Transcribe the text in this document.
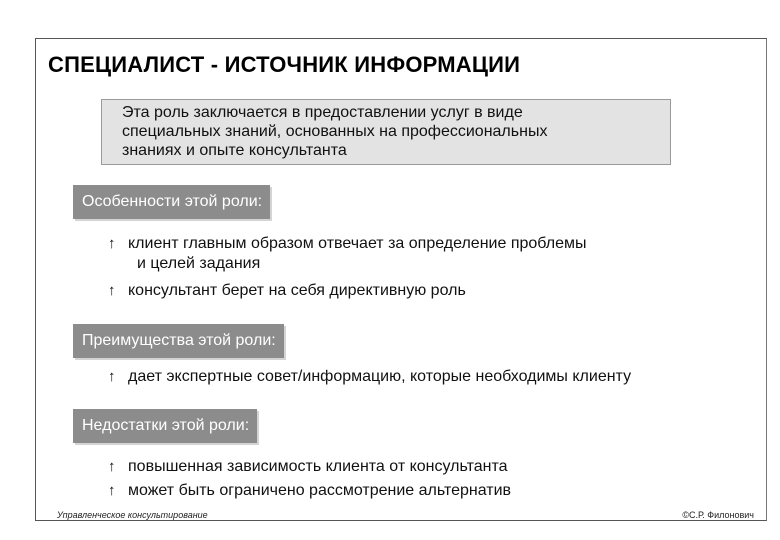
СПЕЦИАЛИСТ - ИСТОЧНИК ИНФОРМАЦИИ
Эта роль заключается в предоставлении услуг в виде
специальных знаний, основанных на профессиональных
знаниях и опыте консультанта
Особенности этой роли:
↑ клиент главным образом отвечает за определение проблемы
и целей задания
↑ консультант берет на себя директивную роль
Преимущества этой роли:
↑ дает экспертные совет/информацию, которые необходимы клиенту
Недостатки этой роли:
↑ повышенная зависимость клиента от консультанта
↑ может быть ограничено рассмотрение альтернатив
Управленческое консультирование	©С.Р. Филонович
